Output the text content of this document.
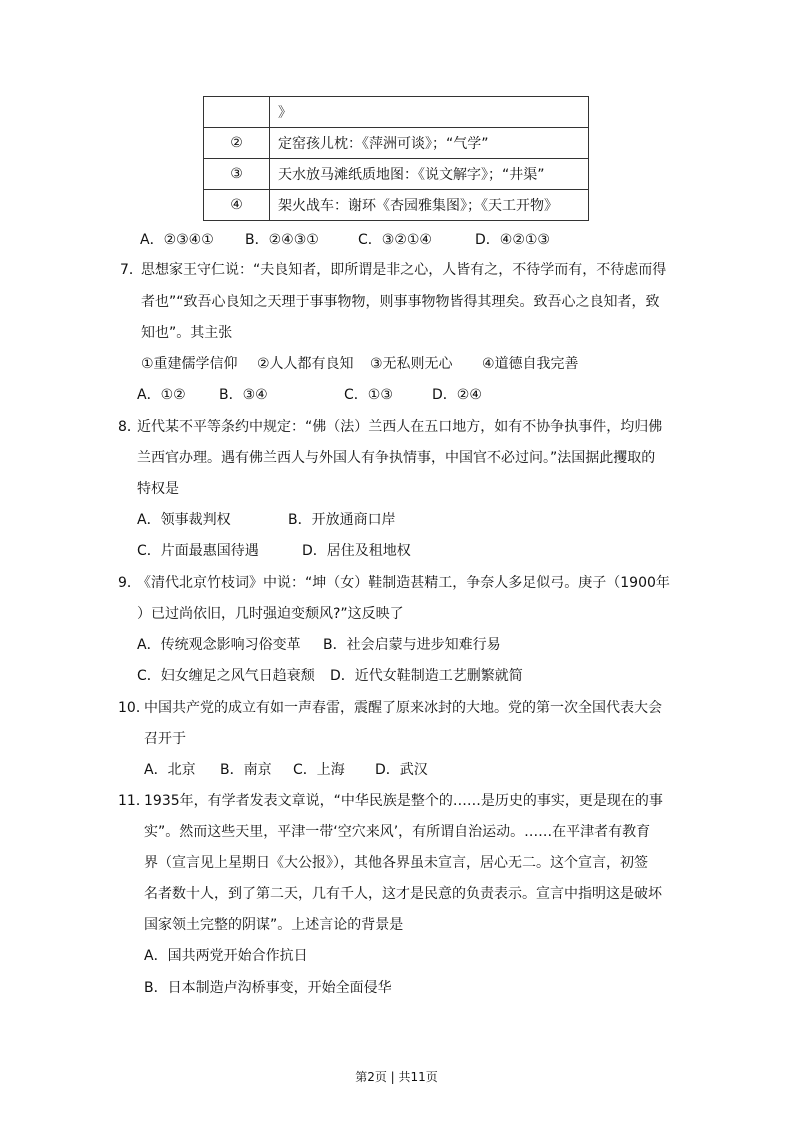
	》
②	定窑孩儿枕：《萍洲可谈》；“气学”
③	天水放马滩纸质地图：《说文解字》；“井渠”
④	架火战车：谢环《杏园雅集图》；《天工开物》
A．②③④① B．②④③①	C．③②①④	D．④②①③
7．
思想家王守仁说：“夫良知者，即所谓是非之心，人皆有之，不待学而有，不待虑而得
者也”“致吾心良知之天理于事事物物，则事事物物皆得其理矣。致吾心之良知者，致
知也”。其主张
①重建儒学信仰 ②人人都有良知 ③无私则无心 ④道德自我完善
A．①② B．③④	C．①③	D．②④
8．
近代某不平等条约中规定：“佛（法）兰西人在五口地方，如有不协争执事件，均归佛
兰西官办理。遇有佛兰西人与外国人有争执情事，中国官不必过问。”法国据此攫取的
特权是
A．领事裁判权	B．开放通商口岸
C．片面最惠国待遇	D．居住及租地权
9．
《清代北京竹枝词》中说：“坤（女）鞋制造甚精工，争奈人多足似弓。庚子（1900年
）已过尚依旧，几时强迫变颓风?”这反映了
A．传统观念影响习俗变革 B．社会启蒙与进步知难行易
C．妇女缠足之风气日趋衰颓 D．近代女鞋制造工艺删繁就简
10．
中国共产党的成立有如一声春雷，震醒了原来冰封的大地。党的第一次全国代表大会
召开于
A．北京 B．南京 C．上海 D．武汉
11．
1935年，有学者发表文章说，“中华民族是整个的……是历史的事实，更是现在的事
实”。然而这些天里，平津一带‘空穴来风’，有所谓自治运动。……在平津者有教育
界（宣言见上星期日《大公报》），其他各界虽未宣言，居心无二。这个宣言，初签
名者数十人，到了第二天，几有千人，这才是民意的负责表示。宣言中指明这是破坏
国家领土完整的阴谋”。上述言论的背景是
A．国共两党开始合作抗日
B．日本制造卢沟桥事变，开始全面侵华
第2页 | 共11页
